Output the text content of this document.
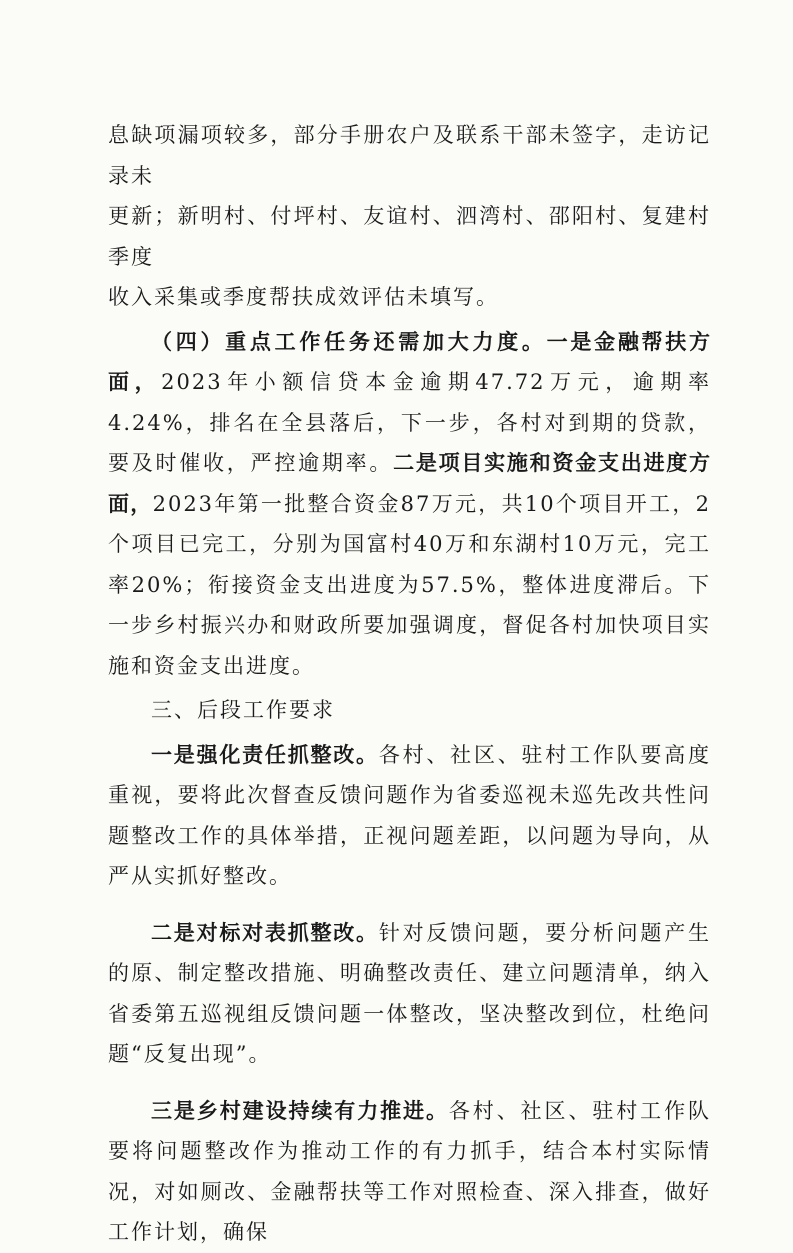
息缺项漏项较多，部分手册农户及联系干部未签字，走访记录未
更新；新明村、付坪村、友谊村、泗湾村、邵阳村、复建村季度
收入采集或季度帮扶成效评估未填写。

（四）重点工作任务还需加大力度。一是金融帮扶方面，2023年小额信贷本金逾期47.72万元，逾期率4.24%，排名在全县落后，下一步，各村对到期的贷款，要及时催收，严控逾期率。二是项目实施和资金支出进度方面，2023年第一批整合资金87万元，共10个项目开工，2个项目已完工，分别为国富村40万和东湖村10万元，完工率20%；衔接资金支出进度为57.5%，整体进度滞后。下一步乡村振兴办和财政所要加强调度，督促各村加快项目实施和资金支出进度。

三、后段工作要求

一是强化责任抓整改。各村、社区、驻村工作队要高度重视，要将此次督查反馈问题作为省委巡视未巡先改共性问题整改工作的具体举措，正视问题差距，以问题为导向，从严从实抓好整改。

二是对标对表抓整改。针对反馈问题，要分析问题产生的原、制定整改措施、明确整改责任、建立问题清单，纳入省委第五巡视组反馈问题一体整改，坚决整改到位，杜绝问题“反复出现”。

三是乡村建设持续有力推进。各村、社区、驻村工作队要将问题整改作为推动工作的有力抓手，结合本村实际情况，对如厕改、金融帮扶等工作对照检查、深入排查，做好工作计划，确保
